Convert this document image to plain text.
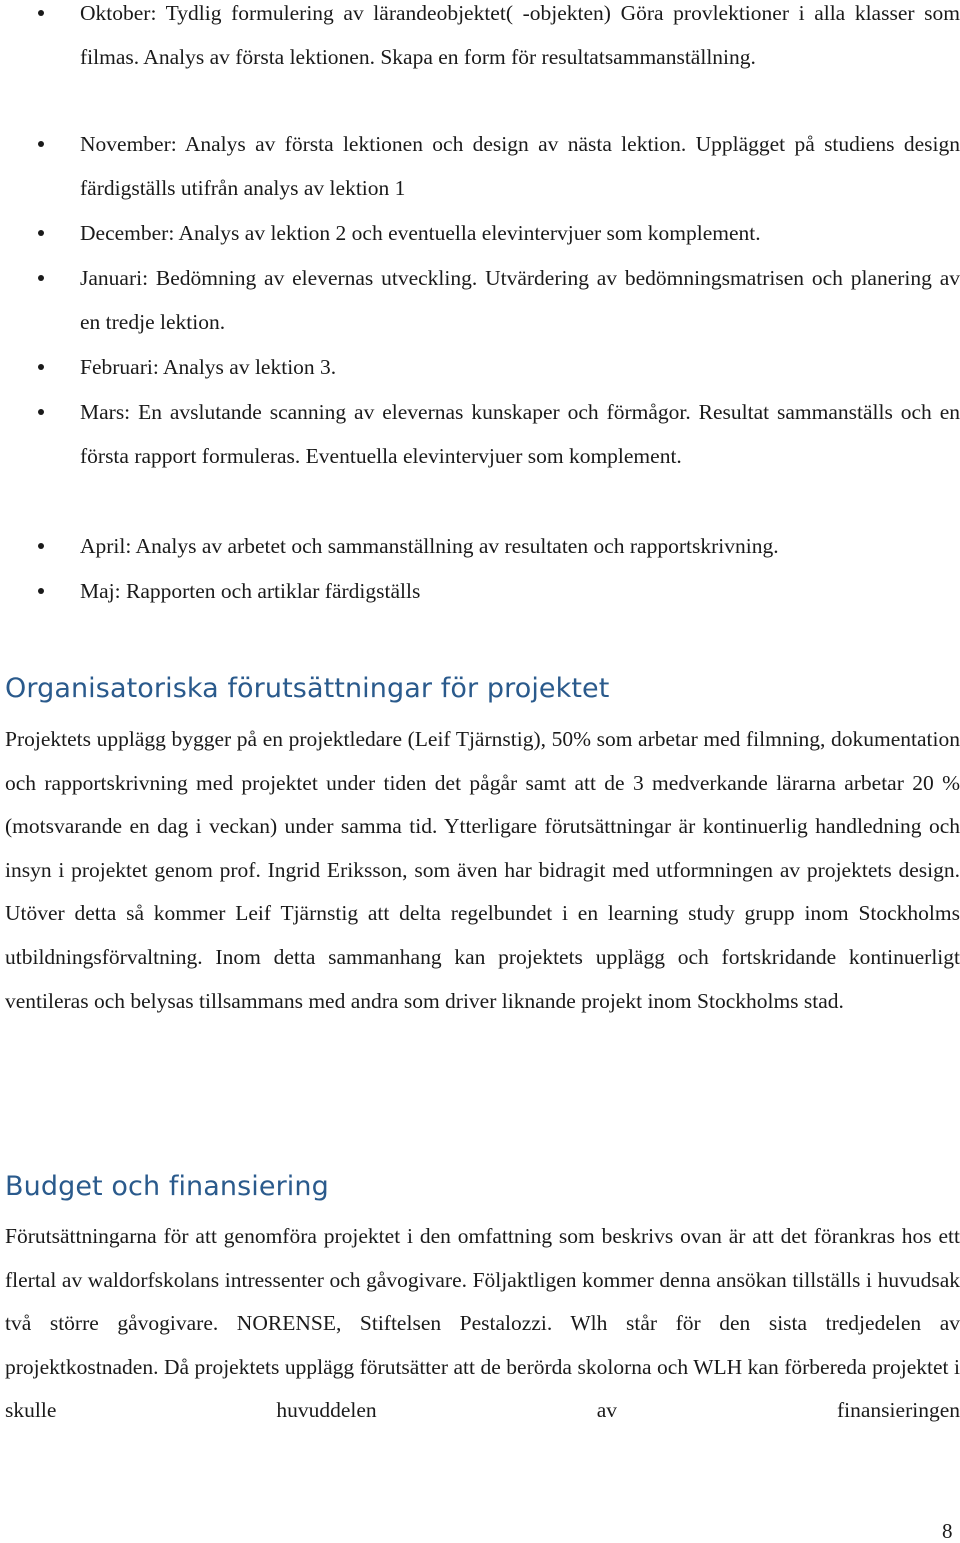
Oktober: Tydlig formulering av lärandeobjektet( -objekten) Göra provlektioner i alla klasser som filmas. Analys av första lektionen. Skapa en form för resultatsammanställning.
November: Analys av första lektionen och design av nästa lektion. Upplägget på studiens design färdigställs utifrån analys av lektion 1
December: Analys av lektion 2 och eventuella elevintervjuer som komplement.
Januari: Bedömning av elevernas utveckling. Utvärdering av bedömningsmatrisen och planering av en tredje lektion.
Februari: Analys av lektion 3.
Mars: En avslutande scanning av elevernas kunskaper och förmågor. Resultat sammanställs och en första rapport formuleras. Eventuella elevintervjuer som komplement.
April: Analys av arbetet och sammanställning av resultaten och rapportskrivning.
Maj: Rapporten och artiklar färdigställs
Organisatoriska förutsättningar för projektet

Projektets upplägg bygger på en projektledare (Leif Tjärnstig), 50% som arbetar med filmning, dokumentation och rapportskrivning med projektet under tiden det pågår samt att de 3 medverkande lärarna arbetar 20 % (motsvarande en dag i veckan) under samma tid. Ytterligare förutsättningar är kontinuerlig handledning och insyn i projektet genom prof. Ingrid Eriksson, som även har bidragit med utformningen av projektets design. Utöver detta så kommer Leif Tjärnstig att delta regelbundet i en learning study grupp inom Stockholms utbildningsförvaltning. Inom detta sammanhang kan projektets upplägg och fortskridande kontinuerligt ventileras och belysas tillsammans med andra som driver liknande projekt inom Stockholms stad.

Budget och finansiering

Förutsättningarna för att genomföra projektet i den omfattning som beskrivs ovan är att det förankras hos ett flertal av waldorfskolans intressenter och gåvogivare. Följaktligen kommer denna ansökan tillställs i huvudsak två större gåvogivare. NORENSE, Stiftelsen Pestalozzi. Wlh står för den sista tredjedelen av projektkostnaden. Då projektets upplägg förutsätter att de berörda skolorna och WLH kan förbereda projektet i skulle huvuddelen av finansieringen

8
